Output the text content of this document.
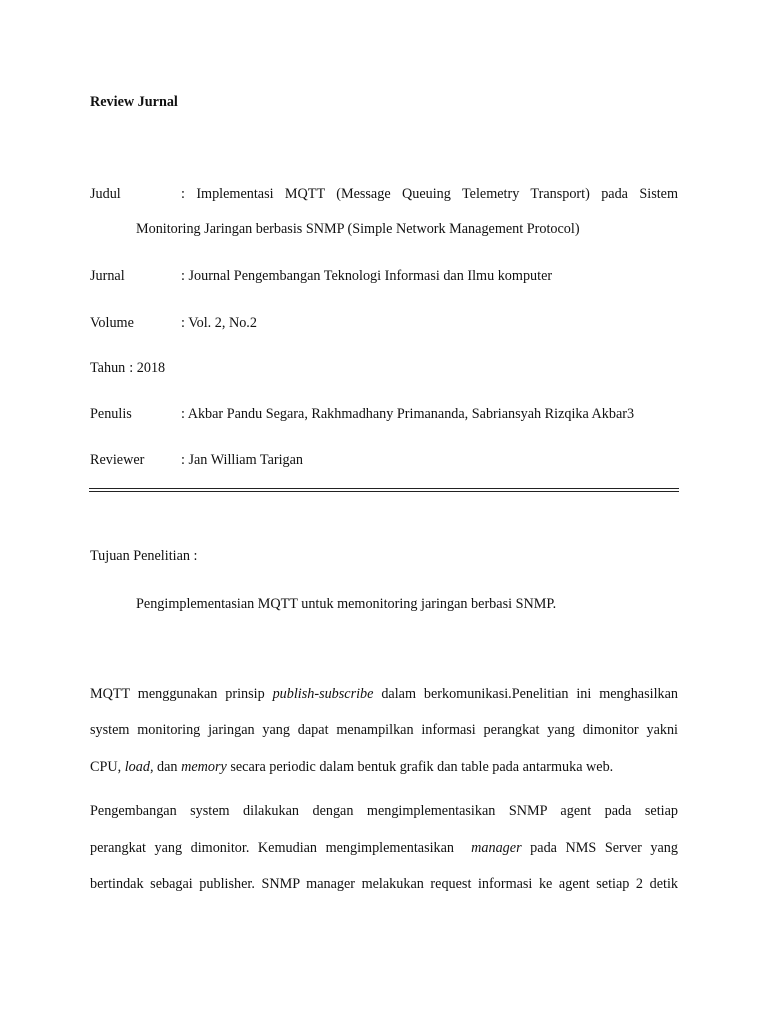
Review Jurnal
Judul	: Implementasi MQTT (Message Queuing Telemetry Transport) pada Sistem
Monitoring Jaringan berbasis SNMP (Simple Network Management Protocol)
Jurnal	: Journal Pengembangan Teknologi Informasi dan Ilmu komputer
Volume	: Vol. 2, No.2
Tahun : 2018
Penulis	: Akbar Pandu Segara, Rakhmadhany Primananda, Sabriansyah Rizqika Akbar3
Reviewer	: Jan William Tarigan
Tujuan Penelitian :
Pengimplementasian MQTT untuk memonitoring jaringan berbasi SNMP.
MQTT menggunakan prinsip publish-subscribe dalam berkomunikasi.Penelitian ini menghasilkan
system monitoring jaringan yang dapat menampilkan informasi perangkat yang dimonitor yakni
CPU, load, dan memory secara periodic dalam bentuk grafik dan table pada antarmuka web.
Pengembangan system dilakukan dengan mengimplementasikan SNMP agent pada setiap
perangkat yang dimonitor. Kemudian mengimplementasikan  manager pada NMS Server yang
bertindak sebagai publisher. SNMP manager melakukan request informasi ke agent setiap 2 detik
